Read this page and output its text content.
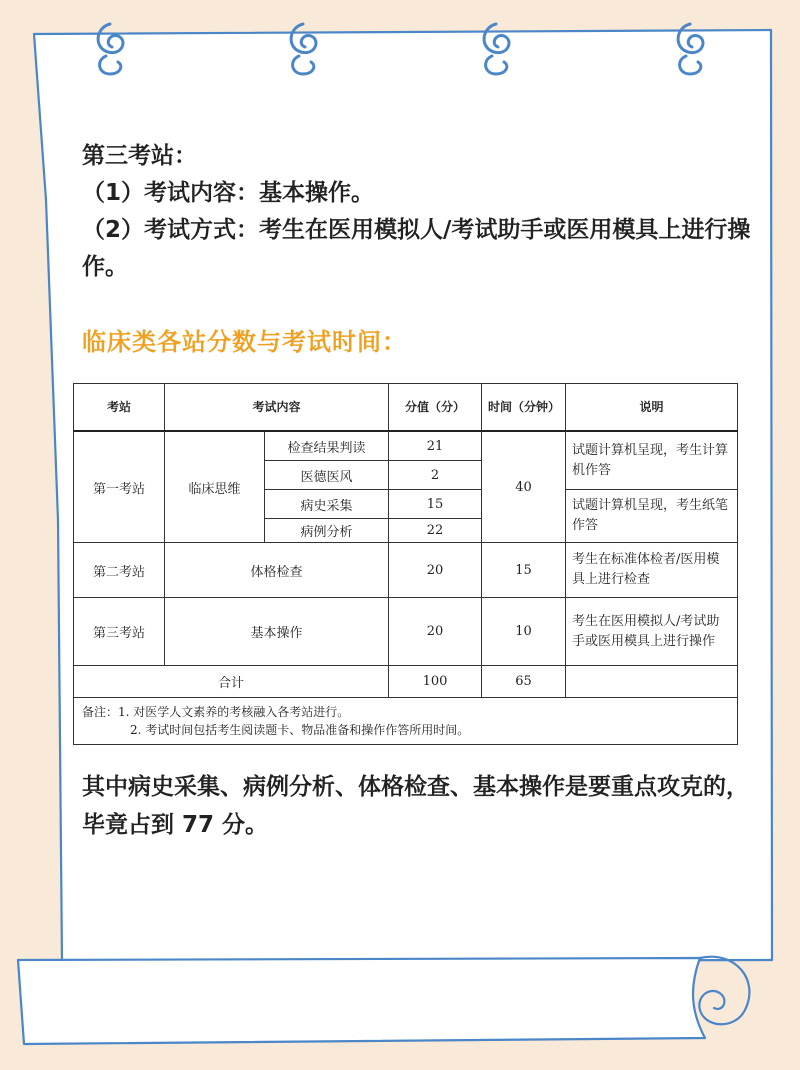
第三考站：

（1）考试内容：基本操作。

（2）考试方式：考生在医用模拟人/考试助手或医用模具上进行操作。

临床类各站分数与考试时间：
考站	考试内容		分值（分）	时间（分钟）	说明
第一考站	临床思维	检查结果判读	21	40	试题计算机呈现，考生计算机作答
		医德医风	2		
		病史采集	15		试题计算机呈现，考生纸笔作答
		病例分析	22		
第二考站	体格检查		20	15	考生在标准体检者/医用模具上进行检查
第三考站	基本操作		20	10	考生在医用模拟人/考试助手或医用模具上进行操作
合计			100	65	

备注：1. 对医学人文素养的考核融入各考站进行。
2. 考试时间包括考生阅读题卡、物品准备和操作作答所用时间。					

其中病史采集、病例分析、体格检查、基本操作是要重点攻克的，毕竟占到 77 分。
